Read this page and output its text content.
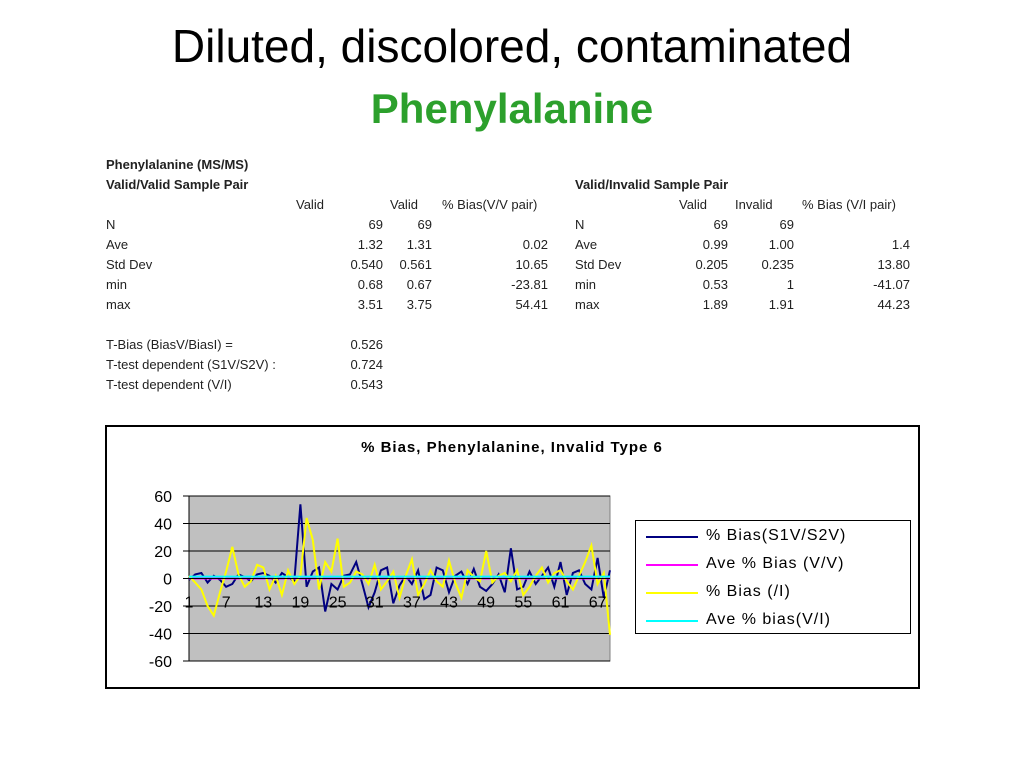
Diluted, discolored, contaminated
Phenylalanine
Phenylalanine (MS/MS)
Valid/Valid Sample Pair
Valid	Valid % Bias(V/V pair)
N	69	69
Ave	1.32	1.31	0.02
Std Dev	0.540	0.561	10.65
min	0.68	0.67	-23.81
max	3.51	3.75	54.41
T-Bias (BiasV/BiasI) =	0.526
T-test dependent (S1V/S2V) :	0.724
T-test dependent (V/I)	0.543
Valid/Invalid Sample Pair
Valid Invalid % Bias (V/I pair)
N	69	69
Ave	0.99	1.00	1.4
Std Dev	0.205	0.235	13.80
min	0.53	1	-41.07
max	1.89	1.91	44.23
% Bias, Phenylalanine, Invalid Type 6
60
40
20
0
-20
-40
-60
1 7 13 19 25 31 37 43 49 55 61 67
% Bias(S1V/S2V)
Ave % Bias (V/V)
% Bias (/I)
Ave % bias(V/I)
